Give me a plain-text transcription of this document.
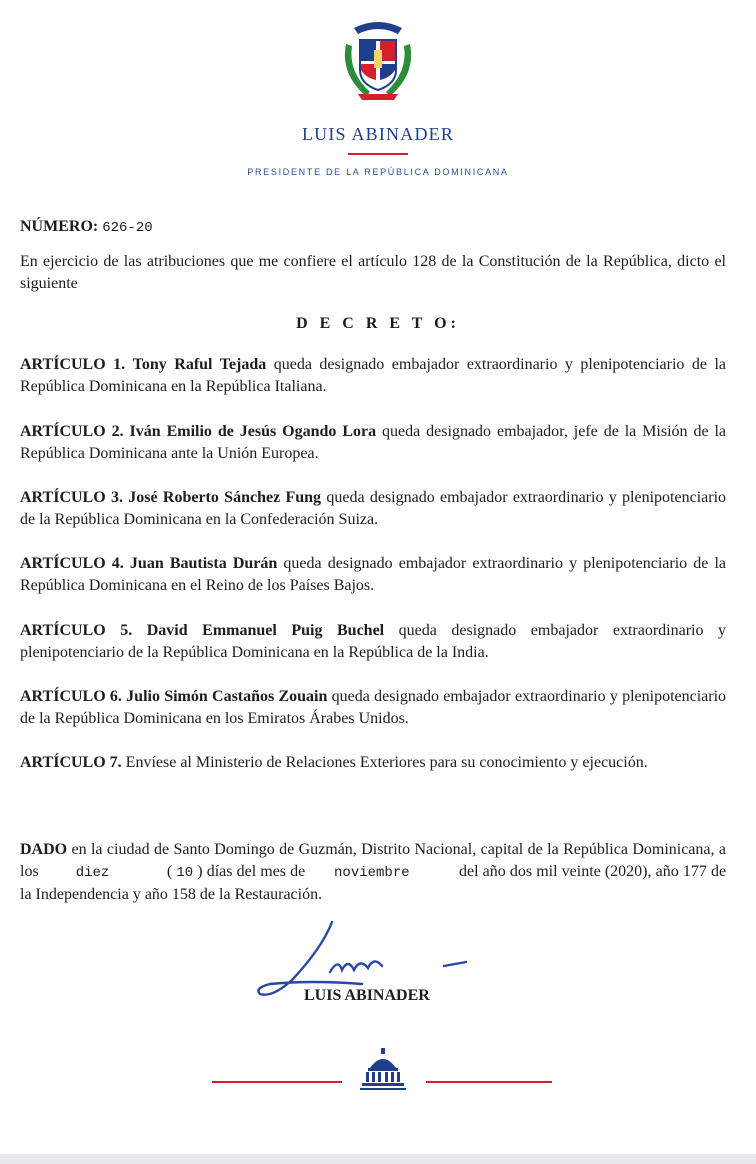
LUIS ABINADER
PRESIDENTE DE LA REPÚBLICA DOMINICANA
NÚMERO: 626-20
En ejercicio de las atribuciones que me confiere el artículo 128 de la Constitución de la República, dicto el siguiente
D E C R E T O:
ARTÍCULO 1. Tony Raful Tejada queda designado embajador extraordinario y plenipotenciario de la República Dominicana en la República Italiana.
ARTÍCULO 2. Iván Emilio de Jesús Ogando Lora queda designado embajador, jefe de la Misión de la República Dominicana ante la Unión Europea.
ARTÍCULO 3. José Roberto Sánchez Fung queda designado embajador extraordinario y plenipotenciario de la República Dominicana en la Confederación Suiza.
ARTÍCULO 4. Juan Bautista Durán queda designado embajador extraordinario y plenipotenciario de la República Dominicana en el Reino de los Países Bajos.
ARTÍCULO 5. David Emmanuel Puig Buchel queda designado embajador extraordinario y plenipotenciario de la República Dominicana en la República de la India.
ARTÍCULO 6. Julio Simón Castaños Zouain queda designado embajador extraordinario y plenipotenciario de la República Dominicana en los Emiratos Árabes Unidos.
ARTÍCULO 7. Envíese al Ministerio de Relaciones Exteriores para su conocimiento y ejecución.
DADO en la ciudad de Santo Domingo de Guzmán, Distrito Nacional, capital de la República Dominicana, a los	diez	( 10 ) días del mes de noviembre	del año dos mil veinte (2020), año 177 de la Independencia y año 158 de la Restauración.
LUIS ABINADER
